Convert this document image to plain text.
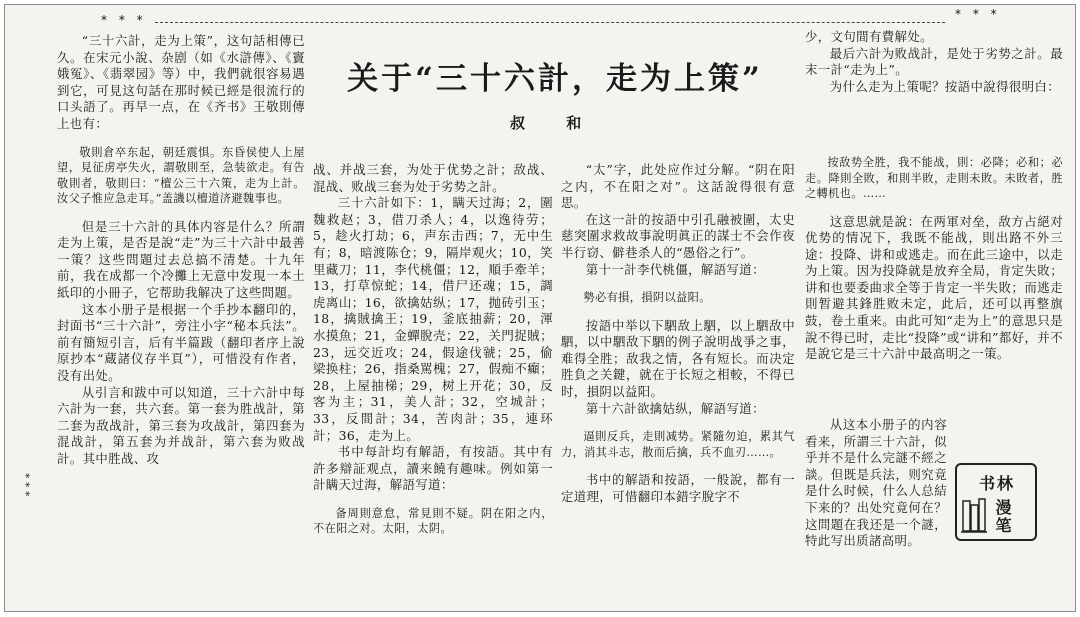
* * *	* * *
关于“三十六計，走为上策”
叔 和

“三十六計，走为上策”，这句話相傳已久。在宋元小說、杂剧（如《水滸傳》、《竇娥冤》、《翡翠园》等）中，我們就很容易遇到它，可見这句話在那时候已經是很流行的口头語了。再早一点，在《齐书》王敬則傳上也有：

敬則倉卒东起，朝廷震惧。东昏侯使人上屋望，見征虏亭失火，謂敬則至，急装欲走。有告敬則者，敬則曰：“檀公三十六策，走为上計。汝父子惟应急走耳。”盖譏以檀道济避魏事也。

但是三十六計的具体内容是什么？所謂走为上策，是否是說“走”为三十六計中最善一策？这些問題过去总搞不清楚。十九年前，我在成都一个冷攤上无意中发現一本土紙印的小冊子，它帮助我解决了这些問題。

这本小册子是根据一个手抄本翻印的，封面书“三十六計”，旁注小字“秘本兵法”。前有簡短引言，后有半篇跋（翻印者序上說原抄本“蔵諸仪存半頁”），可惜没有作者，没有出处。

从引言和跋中可以知道，三十六計中每六計为一套，共六套。第一套为胜战計，第二套为敌战計，第三套为攻战計，第四套为混战計，第五套为并战計，第六套为败战計。其中胜战、攻

* * *

战、并战三套，为处于优势之計；敌战、混战、败战三套为处于劣势之計。

三十六計如下：1，瞒天过海；2，圍魏救赵；3，借刀杀人；4，以逸待劳；5，趁火打劫；6，声东击西；7，无中生有；8，暗渡陈仓；9，隔岸观火；10，笑里藏刀；11，李代桃僵；12，順手牽羊；13，打草惊蛇；14，借尸还魂；15，調虎离山；16，欲擒姑纵；17，抛砖引玉；18，擒賊擒王；19，釜底抽薪；20，渾水摸魚；21，金蟬脫壳；22，关門捉賊；23，远交近攻；24，假途伐虢；25，偷梁换柱；26，指桑駡槐；27，假痴不癲；28，上屋抽梯；29，树上开花；30，反客为主；31，美人計；32，空城計；33，反間計；34，苦肉計；35，連环計；36，走为上。

书中每計均有解語，有按語。其中有許多辯証观点，讀来饒有趣味。例如第一計瞒天过海，解語写道：

备周則意怠，常見則不疑。阴在阳之内，不在阳之对。太阳，太阴。

“太”字，此处应作过分解。“阴在阳之内，不在阳之对”。这話說得很有意思。

在这一計的按語中引孔融被圍，太史慈突圍求救故事說明眞正的謀士不会作夜半行窃、僻巷杀人的“愚俗之行”。

第十一計李代桃僵，解語写道：

勢必有損，損阴以益阳。

按語中举以下駟敌上駟，以上駟敌中駟，以中駟敌下駟的例子說明战爭之事，难得全胜；敌我之情，各有短长。而决定胜負之关鍵，就在于长短之相較，不得已时，損阴以益阳。

第十六計欲擒姑纵，解語写道：

逼則反兵，走則减势。紧隨勿迫，累其气力，消其斗志，散而后擒，兵不血刃……。

书中的解語和按語，一般說，都有一定道理，可惜翻印本錯字脫字不

少，文句間有費解处。

最后六計为败战計，是处于劣势之計。最末一計“走为上”。

为什么走为上策呢？按語中說得很明白：

按敌势全胜，我不能战，則：必降；必和；必走。降則全敗，和則半敗，走則未敗。未敗者，胜之轉机也。……

这意思就是說：在两軍对垒，敌方占絕对优势的情况下，我既不能战，則出路不外三途：投降、讲和或逃走。而在此三途中，以走为上策。因为投降就是放弃全局，肯定失敗；讲和也要委曲求全等于肯定一半失敗；而逃走則暂避其鋒胜败未定，此后，还可以再整旗鼓，卷土重来。由此可知“走为上”的意思只是說不得已时，走比“投降”或“讲和”都好，并不是說它是三十六計中最高明之一策。

从这本小册子的内容看来，所謂三十六計，似乎并不是什么完謎不經之談。但既是兵法，则究竟是什么时候，什么人总結下来的？出处究竟何在？这問題在我还是一个謎，特此写出质諸高明。

书林
漫笔
